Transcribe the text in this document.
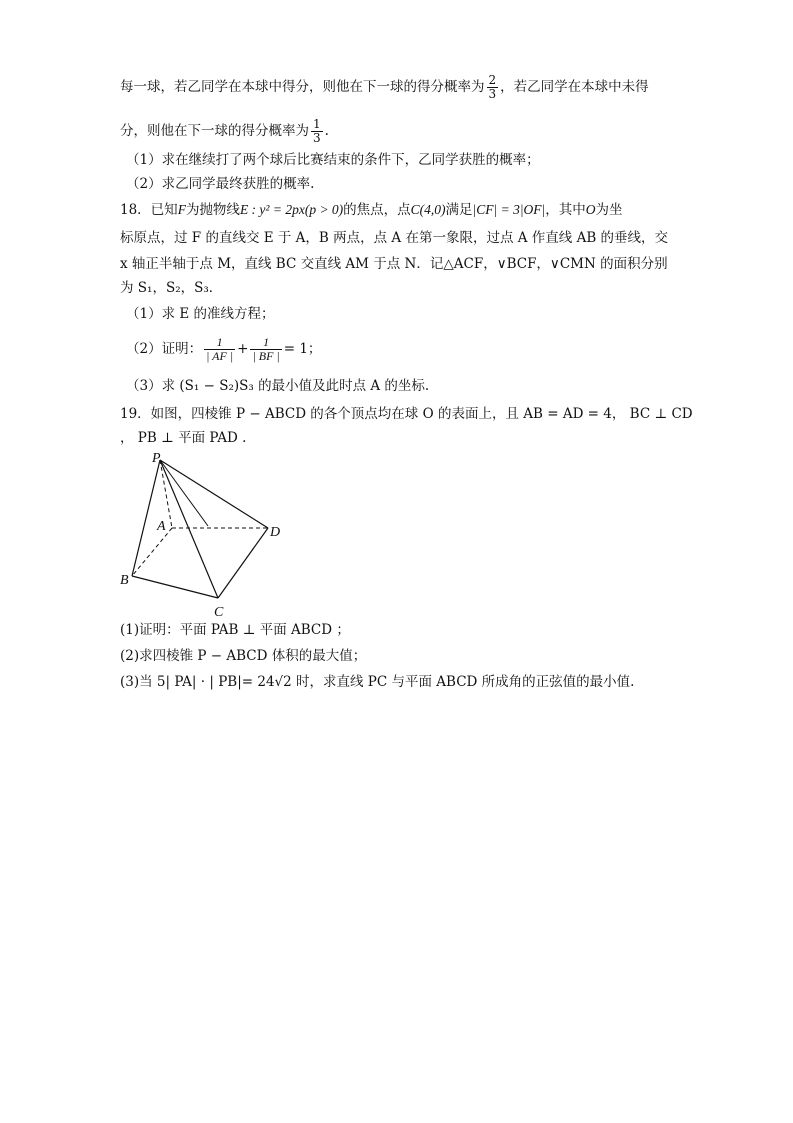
每一球，若乙同学在本球中得分，则他在下一球的得分概率为 $\frac{2}{3}$ ，若乙同学在本球中未得
分，则他在下一球的得分概率为 $\frac{1}{3}$ .
（1）求在继续打了两个球后比赛结束的条件下，乙同学获胜的概率；
（2）求乙同学最终获胜的概率.
18．已知F为抛物线E : y² = 2px(p > 0)的焦点，点C(4,0)满足|CF| = 3|OF|，其中O为坐
标原点，过 F 的直线交 E 于 A，B 两点，点 A 在第一象限，过点 A 作直线 AB 的垂线，交
x 轴正半轴于点 M，直线 BC 交直线 AM 于点 N．记△ACF，∨BCF，∨CMN 的面积分别
为 S₁，S₂，S₃．
（1）求 E 的准线方程；
（2）证明： $\frac{1}{| AF |} + \frac{1}{| BF |} = 1$；
（3）求 (S₁ − S₂)S₃ 的最小值及此时点 A 的坐标.
19．如图，四棱锥 P − ABCD 的各个顶点均在球 O 的表面上，且 AB = AD = 4， BC ⊥ CD
， PB ⊥ 平面 PAD .
P
A
B
C
D
(1)证明：平面 PAB ⊥ 平面 ABCD ；
(2)求四棱锥 P − ABCD 体积的最大值；
(3)当 5| PA| · | PB|= 24√2 时，求直线 PC 与平面 ABCD 所成角的正弦值的最小值.
